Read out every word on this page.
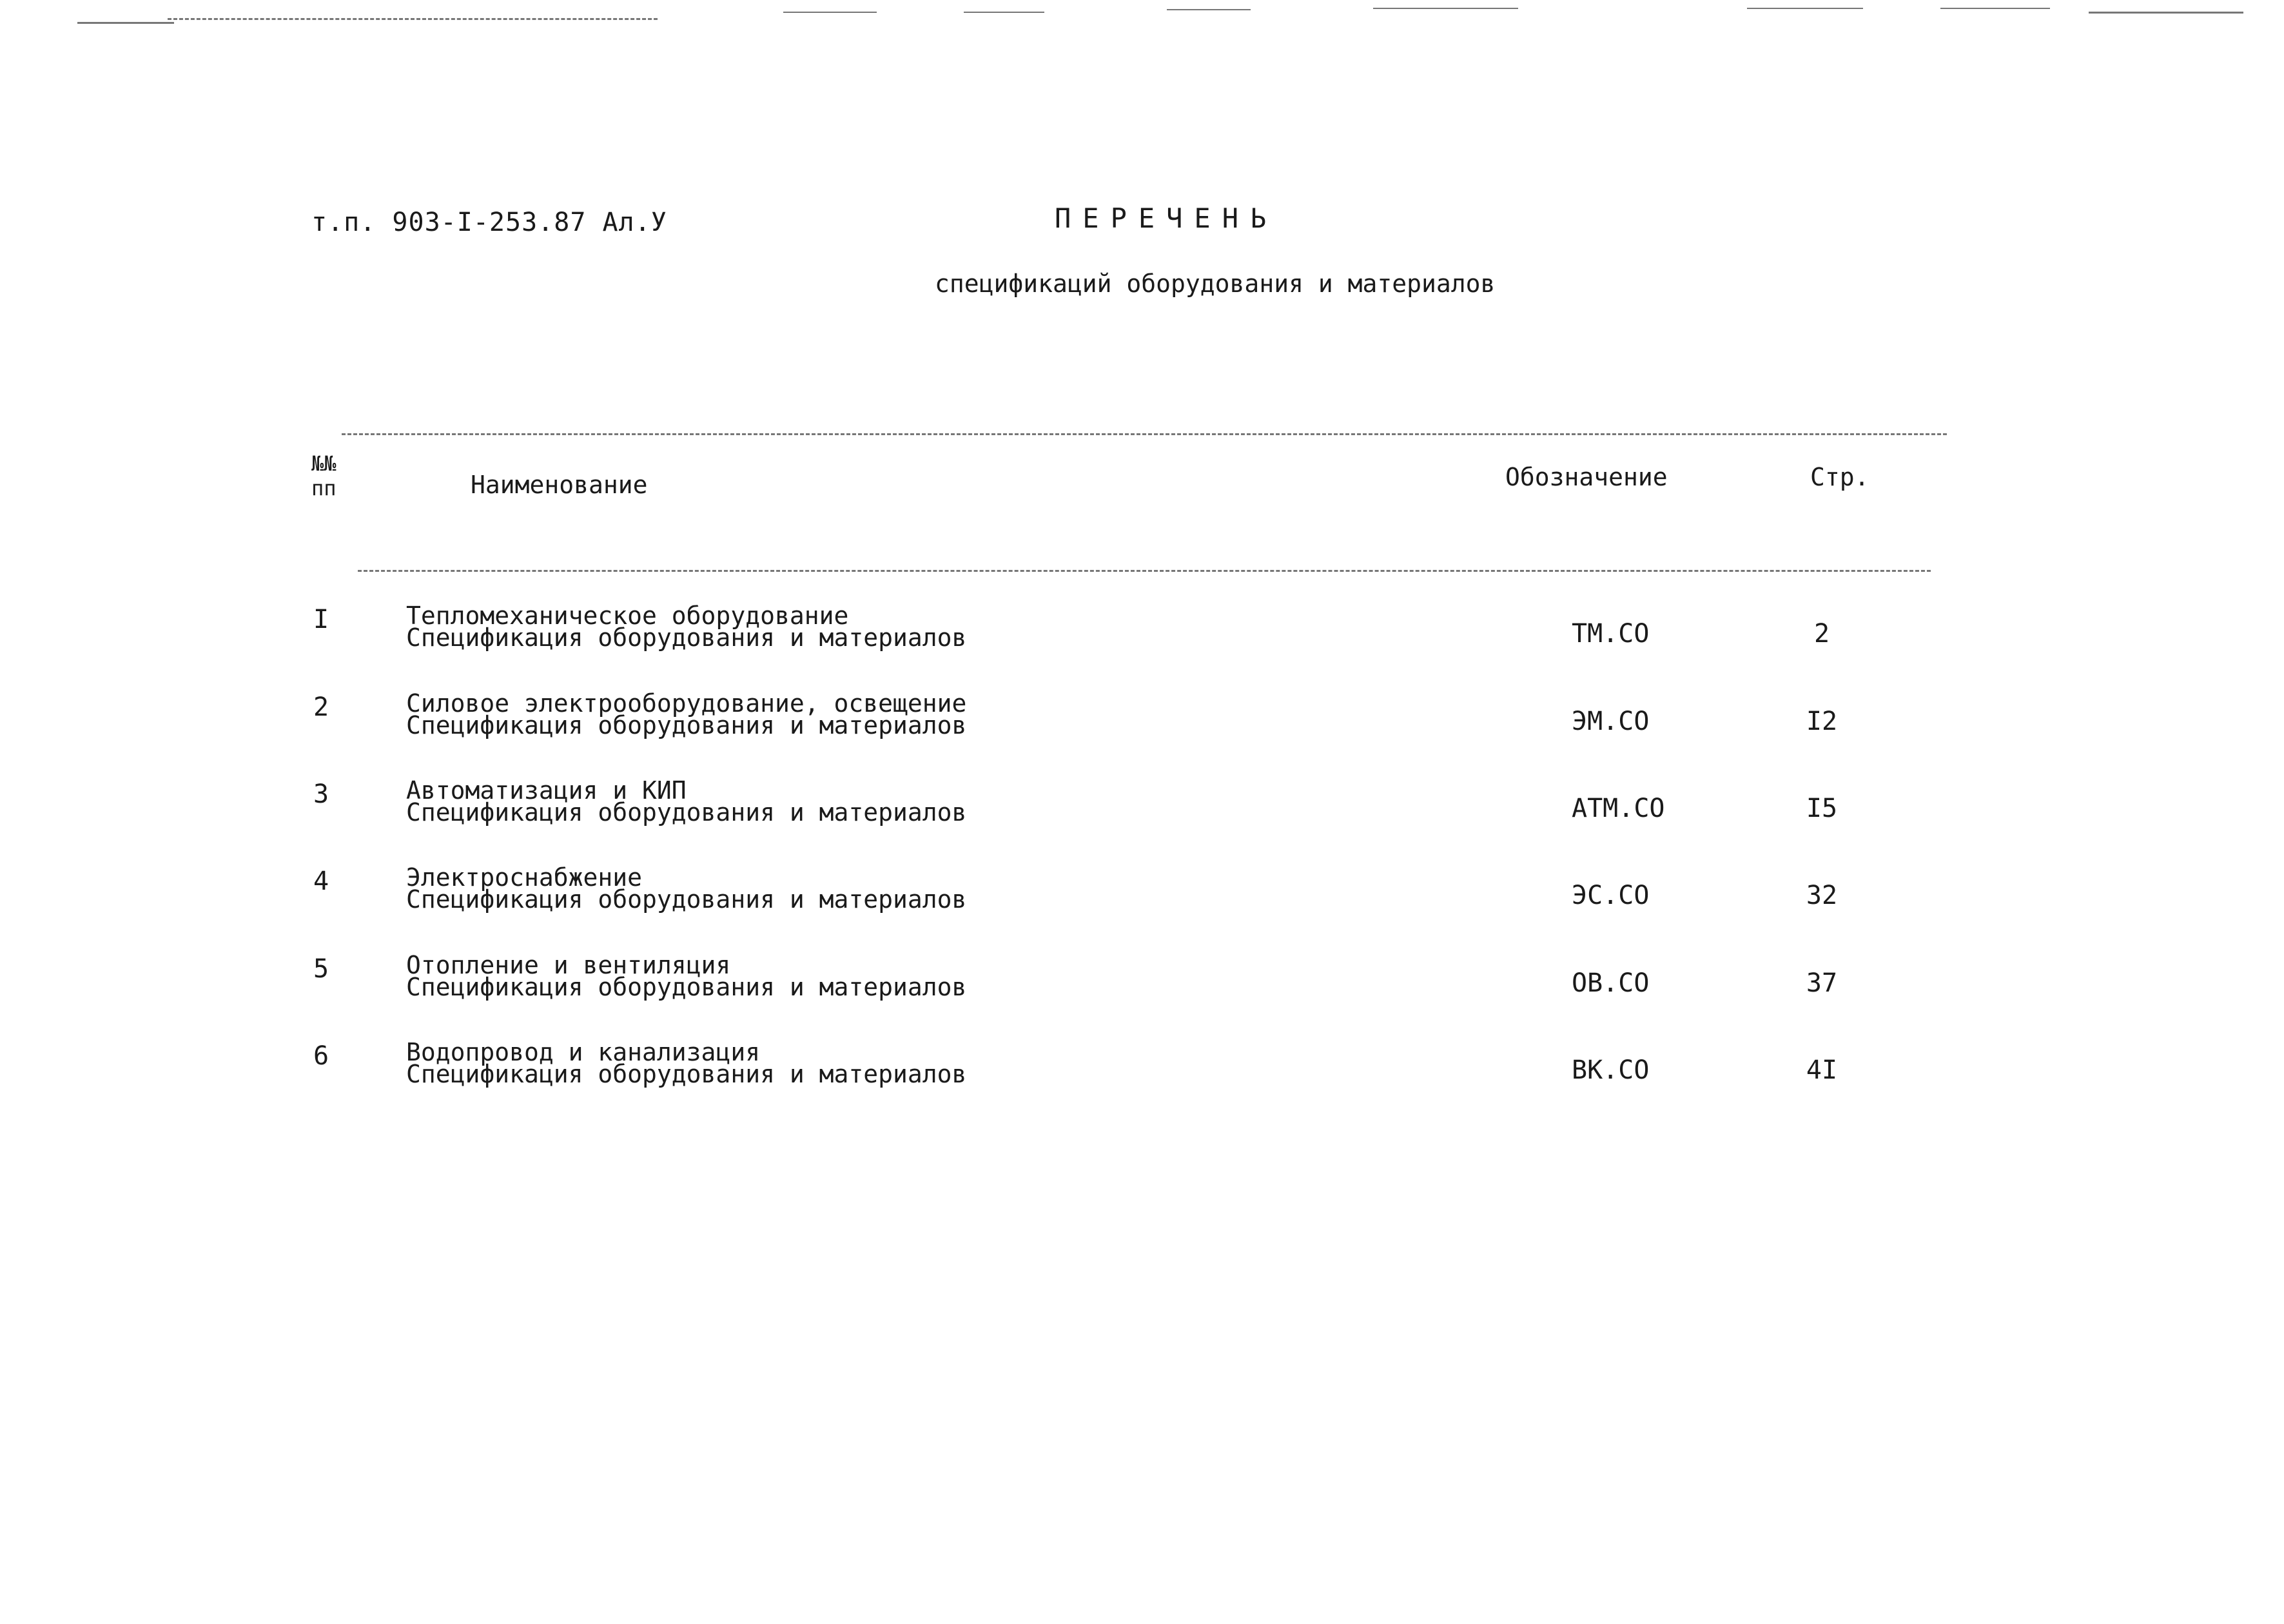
т.п. 903-I-253.87 Ал.У	ПЕРЕЧЕНЬ
спецификаций оборудования и материалов
№№
пп	Наименование	Обозначение	Стр.
I	Тепломеханическое оборудование
Спецификация оборудования и материалов	ТМ.СО	2
2	Силовое электрооборудование, освещение
Спецификация оборудования и материалов	ЭМ.СО	I2
3	Автоматизация и КИП
Спецификация оборудования и материалов	АТМ.СО	I5
4	Электроснабжение
Спецификация оборудования и материалов	ЭС.СО	32
5	Отопление и вентиляция
Спецификация оборудования и материалов	ОВ.СО	37
6	Водопровод и канализация
Спецификация оборудования и материалов	ВК.СО	4I
